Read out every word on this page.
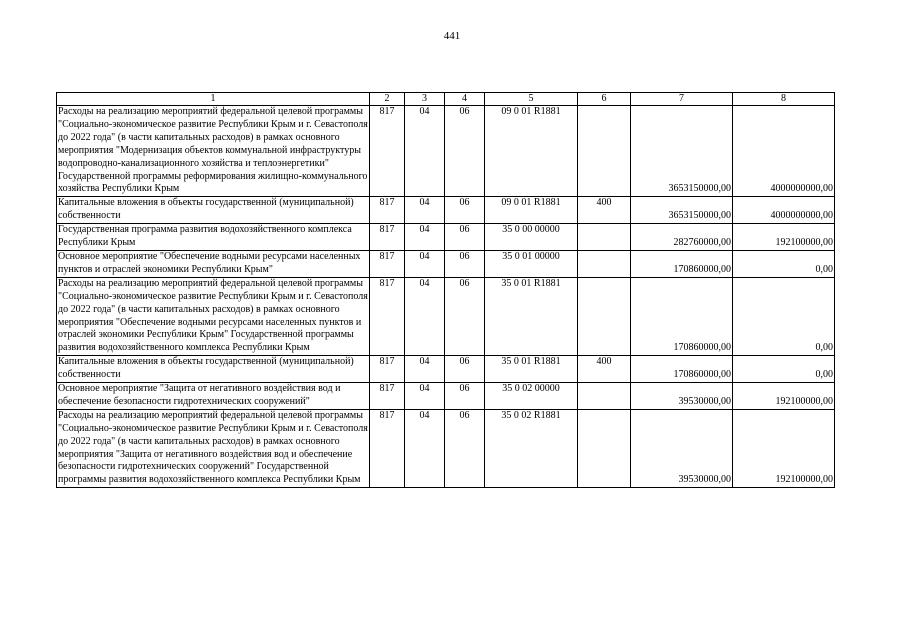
441
1	2	3	4	5	6	7	8
Расходы на реализацию мероприятий федеральной целевой программы "Социально-экономическое развитие Республики Крым и г. Севастополя до 2022 года" (в части капитальных расходов) в рамках основного мероприятия "Модернизация объектов коммунальной инфраструктуры водопроводно-канализационного хозяйства и теплоэнергетики" Государственной программы реформирования жилищно-коммунального хозяйства Республики Крым	817	04	06	09 0 01 R1881		3653150000,00	4000000000,00
Капитальные вложения в объекты государственной (муниципальной) собственности	817	04	06	09 0 01 R1881	400	3653150000,00	4000000000,00
Государственная программа развития водохозяйственного комплекса Республики Крым	817	04	06	35 0 00 00000		282760000,00	192100000,00
Основное мероприятие "Обеспечение водными ресурсами населенных пунктов и отраслей экономики Республики Крым"	817	04	06	35 0 01 00000		170860000,00	0,00
Расходы на реализацию мероприятий федеральной целевой программы "Социально-экономическое развитие Республики Крым и г. Севастополя до 2022 года" (в части капитальных расходов) в рамках основного мероприятия "Обеспечение водными ресурсами населенных пунктов и отраслей экономики Республики Крым" Государственной программы развития водохозяйственного комплекса Республики Крым	817	04	06	35 0 01 R1881		170860000,00	0,00
Капитальные вложения в объекты государственной (муниципальной) собственности	817	04	06	35 0 01 R1881	400	170860000,00	0,00
Основное мероприятие "Защита от негативного воздействия вод и обеспечение безопасности гидротехнических сооружений"	817	04	06	35 0 02 00000		39530000,00	192100000,00
Расходы на реализацию мероприятий федеральной целевой программы "Социально-экономическое развитие Республики Крым и г. Севастополя до 2022 года" (в части капитальных расходов) в рамках основного мероприятия "Защита от негативного воздействия вод и обеспечение безопасности гидротехнических сооружений" Государственной программы развития водохозяйственного комплекса Республики Крым	817	04	06	35 0 02 R1881		39530000,00	192100000,00
